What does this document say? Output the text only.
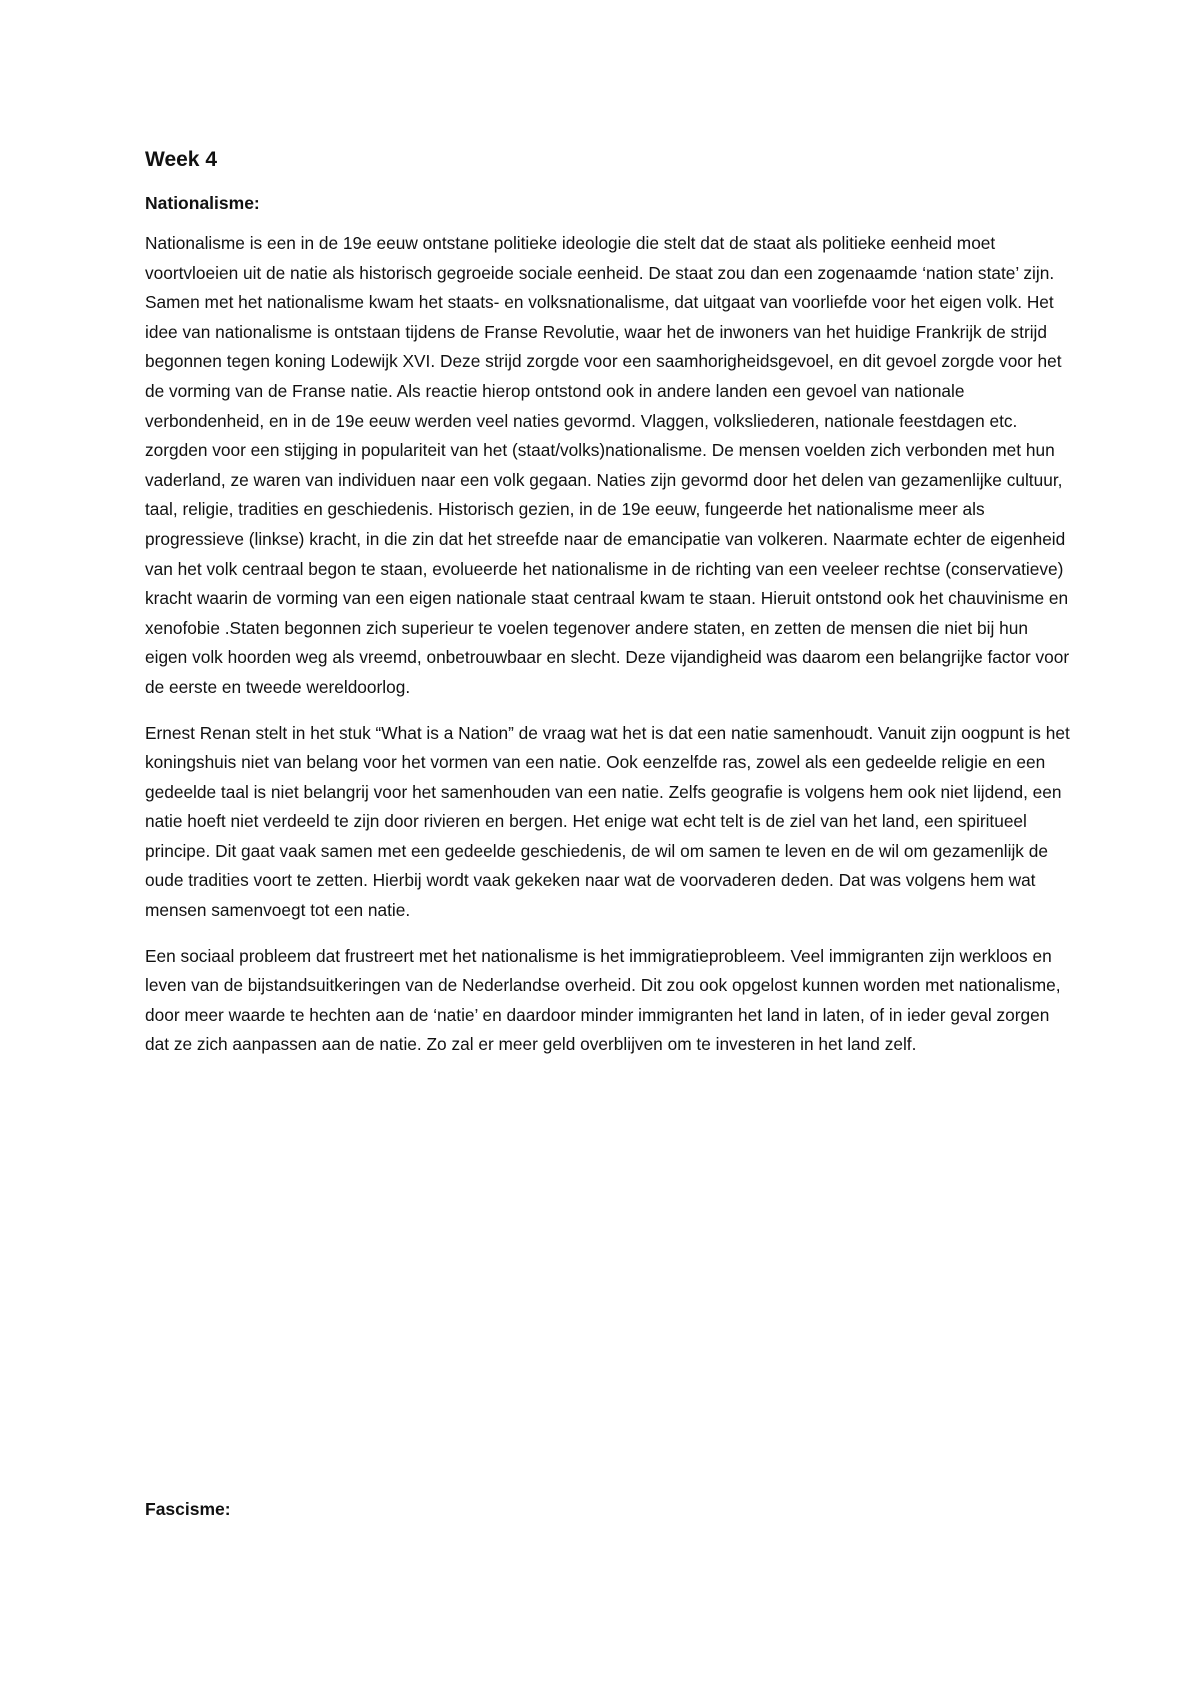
Week 4
Nationalisme:

Nationalisme is een in de 19e eeuw ontstane politieke ideologie die stelt dat de staat als politieke eenheid moet voortvloeien uit de natie als historisch gegroeide sociale eenheid. De staat zou dan een zogenaamde ‘nation state’ zijn. Samen met het nationalisme kwam het staats- en volksnationalisme, dat uitgaat van voorliefde voor het eigen volk. Het idee van nationalisme is ontstaan tijdens de Franse Revolutie, waar het de inwoners van het huidige Frankrijk de strijd begonnen tegen koning Lodewijk XVI. Deze strijd zorgde voor een saamhorigheidsgevoel, en dit gevoel zorgde voor het de vorming van de Franse natie. Als reactie hierop ontstond ook in andere landen een gevoel van nationale verbondenheid, en in de 19e eeuw werden veel naties gevormd. Vlaggen, volksliederen, nationale feestdagen etc. zorgden voor een stijging in populariteit van het (staat/volks)nationalisme. De mensen voelden zich verbonden met hun vaderland, ze waren van individuen naar een volk gegaan. Naties zijn gevormd door het delen van gezamenlijke cultuur, taal, religie, tradities en geschiedenis. Historisch gezien, in de 19e eeuw, fungeerde het nationalisme meer als progressieve (linkse) kracht, in die zin dat het streefde naar de emancipatie van volkeren. Naarmate echter de eigenheid van het volk centraal begon te staan, evolueerde het nationalisme in de richting van een veeleer rechtse (conservatieve) kracht waarin de vorming van een eigen nationale staat centraal kwam te staan. Hieruit ontstond ook het chauvinisme en xenofobie .Staten begonnen zich superieur te voelen tegenover andere staten, en zetten de mensen die niet bij hun eigen volk hoorden weg als vreemd, onbetrouwbaar en slecht. Deze vijandigheid was daarom een belangrijke factor voor de eerste en tweede wereldoorlog.

Ernest Renan stelt in het stuk “What is a Nation” de vraag wat het is dat een natie samenhoudt. Vanuit zijn oogpunt is het koningshuis niet van belang voor het vormen van een natie. Ook eenzelfde ras, zowel als een gedeelde religie en een gedeelde taal is niet belangrij voor het samenhouden van een natie. Zelfs geografie is volgens hem ook niet lijdend, een natie hoeft niet verdeeld te zijn door rivieren en bergen. Het enige wat echt telt is de ziel van het land, een spiritueel principe. Dit gaat vaak samen met een gedeelde geschiedenis, de wil om samen te leven en de wil om gezamenlijk de oude tradities voort te zetten. Hierbij wordt vaak gekeken naar wat de voorvaderen deden. Dat was volgens hem wat mensen samenvoegt tot een natie.

Een sociaal probleem dat frustreert met het nationalisme is het immigratieprobleem. Veel immigranten zijn werkloos en leven van de bijstandsuitkeringen van de Nederlandse overheid. Dit zou ook opgelost kunnen worden met nationalisme, door meer waarde te hechten aan de ‘natie’ en daardoor minder immigranten het land in laten, of in ieder geval zorgen dat ze zich aanpassen aan de natie. Zo zal er meer geld overblijven om te investeren in het land zelf.

Fascisme:
